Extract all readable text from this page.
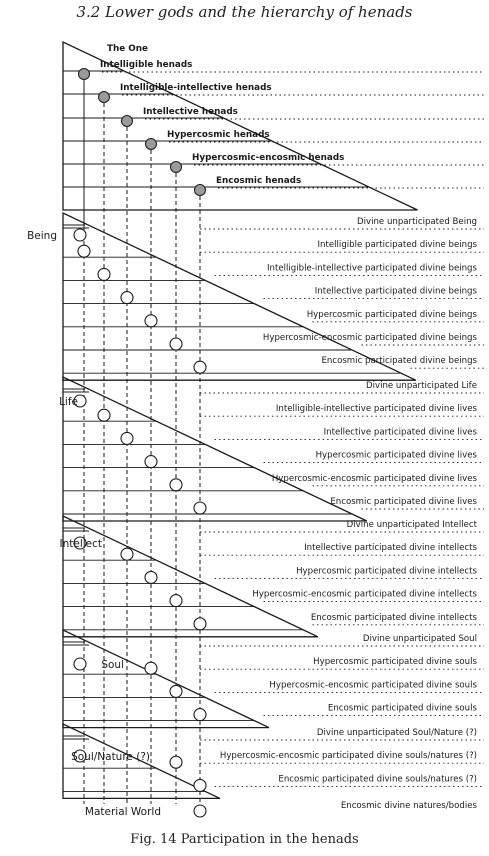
3.2 Lower gods and the hierarchy of henads
The One
Intelligible henads
Intelligible-intellective henads
Intellective henads
Hypercosmic henads
Hypercosmic-encosmic henads
Encosmic henads
Being
Divine unparticipated Being
Intelligible participated divine beings
Intelligible-intellective participated divine beings
Intellective participated divine beings
Hypercosmic participated divine beings
Hypercosmic-encosmic participated divine beings
Encosmic participated divine beings
Life
Divine unparticipated Life
Intelligible-intellective participated divine lives
Intellective participated divine lives
Hypercosmic participated divine lives
Hypercosmic-encosmic participated divine lives
Encosmic participated divine lives
Intellect
Divine unparticipated Intellect
Intellective participated divine intellects
Hypercosmic participated divine intellects
Hypercosmic-encosmic participated divine intellects
Encosmic participated divine intellects
Soul
Divine unparticipated Soul
Hypercosmic participated divine souls
Hypercosmic-encosmic participated divine souls
Encosmic participated divine souls
Soul/Nature (?)
Divine unparticipated Soul/Nature (?)
Hypercosmic-encosmic participated divine souls/natures (?)
Encosmic participated divine souls/natures (?)
Material World	Encosmic divine natures/bodies
Fig. 14 Participation in the henads
